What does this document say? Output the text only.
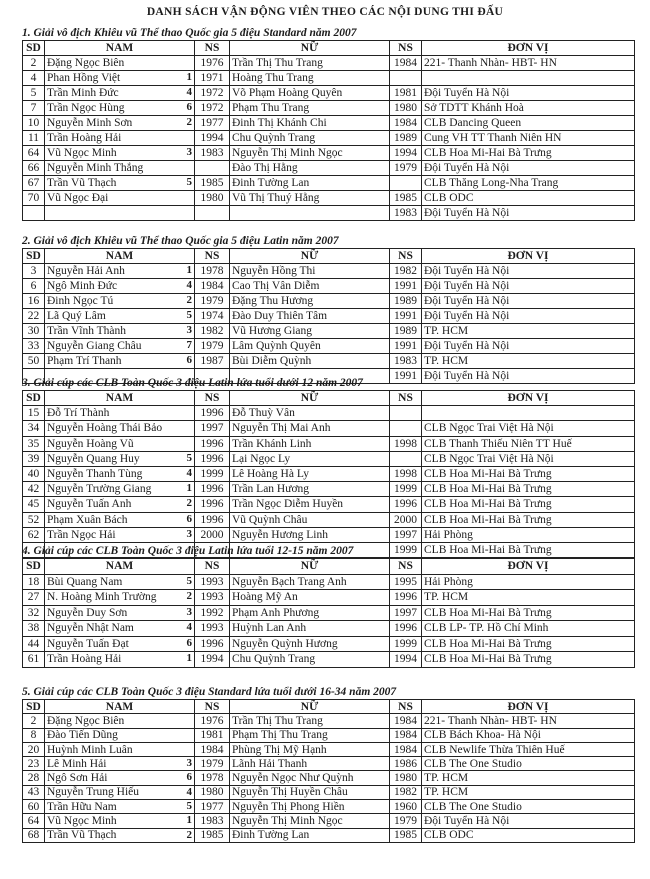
DANH SÁCH VẬN ĐỘNG VIÊN THEO CÁC NỘI DUNG THI ĐẤU
1. Giải vô địch Khiêu vũ Thể thao Quốc gia 5 điệu Standard năm 2007
SD	NAM	NS	NỮ	NS	ĐƠN VỊ
2	Đặng Ngọc Biên	1976	Trần Thị Thu Trang	1984	221- Thanh Nhàn- HBT- HN
4	Phan Hồng Việt 1	1971	Hoàng Thu Trang		
5	Trần Minh Đức 4	1972	Võ Phạm Hoàng Quyên	1981	Đội Tuyển Hà Nội
7	Trần Ngọc Hùng 6	1972	Phạm Thu Trang	1980	Sở TDTT Khánh Hoà
10	Nguyễn Minh Sơn 2	1977	Đinh Thị Khánh Chi	1984	CLB Dancing Queen
11	Trần Hoàng Hải	1994	Chu Quỳnh Trang	1989	Cung VH TT Thanh Niên HN
64	Vũ Ngọc Minh 3	1983	Nguyễn Thị Minh Ngọc	1994	CLB Hoa Mi-Hai Bà Trưng
66	Nguyễn Minh Thắng		Đào Thị Hằng	1979	Đội Tuyển Hà Nội
67	Trần Vũ Thạch 5	1985	Đinh Tường Lan		CLB Thăng Long-Nha Trang
70	Vũ Ngọc Đại	1980	Vũ Thị Thuý Hằng	1985	CLB ODC

			1983	Đội Tuyển Hà Nội
2. Giải vô địch Khiêu vũ Thể thao Quốc gia 5 điệu Latin năm 2007
SD	NAM	NS	NỮ	NS	ĐƠN VỊ
3	Nguyễn Hải Anh 1	1978	Nguyễn Hồng Thi	1982	Đội Tuyển Hà Nội
6	Ngô Minh Đức 4	1984	Cao Thị Vân Diễm	1991	Đội Tuyển Hà Nội
16	Đinh Ngọc Tú 2	1979	Đặng Thu Hương	1989	Đội Tuyển Hà Nội
22	Lã Quý Lâm 5	1974	Đào Duy Thiên Tâm	1991	Đội Tuyển Hà Nội
30	Trần Vĩnh Thành 3	1982	Vũ Hương Giang	1989	TP. HCM
33	Nguyễn Giang Châu 7	1979	Lâm Quỳnh Quyên	1991	Đội Tuyển Hà Nội
50	Phạm Trí Thanh 6	1987	Bùi Diễm Quỳnh	1983	TP. HCM

			1991	Đội Tuyển Hà Nội
3. Giải cúp các CLB Toàn Quốc 3 điệu Latin lứa tuổi dưới 12 năm 2007
SD	NAM	NS	NỮ	NS	ĐƠN VỊ
15	Đỗ Trí Thành	1996	Đỗ Thuỳ Vân		
34	Nguyễn Hoàng Thái Bảo	1997	Nguyễn Thị Mai Anh		CLB Ngọc Trai Việt Hà Nội
35	Nguyễn Hoàng Vũ	1996	Trần Khánh Linh	1998	CLB Thanh Thiếu Niên TT Huế
39	Nguyễn Quang Huy 5	1996	Lại Ngọc Ly		CLB Ngọc Trai Việt Hà Nội
40	Nguyễn Thanh Tùng 4	1999	Lê Hoàng Hà Ly	1998	CLB Hoa Mi-Hai Bà Trưng
42	Nguyễn Trường Giang 1	1996	Trần Lan Hương	1999	CLB Hoa Mi-Hai Bà Trưng
45	Nguyễn Tuấn Anh 2	1996	Trần Ngọc Diễm Huyền	1996	CLB Hoa Mi-Hai Bà Trưng
52	Phạm Xuân Bách 6	1996	Vũ Quỳnh Châu	2000	CLB Hoa Mi-Hai Bà Trưng
62	Trần Ngọc Hải 3	2000	Nguyễn Hương Linh	1997	Hải Phòng

			1999	CLB Hoa Mi-Hai Bà Trưng
4. Giải cúp các CLB Toàn Quốc 3 điệu Latin lứa tuổi 12-15 năm 2007
SD	NAM	NS	NỮ	NS	ĐƠN VỊ
18	Bùi Quang Nam 5	1993	Nguyễn Bạch Trang Anh	1995	Hải Phòng
27	N. Hoàng Minh Trường 2	1993	Hoàng Mỹ An	1996	TP. HCM
32	Nguyễn Duy Sơn 3	1992	Phạm Anh Phương	1997	CLB Hoa Mi-Hai Bà Trưng
38	Nguyễn Nhật Nam 4	1993	Huỳnh Lan Anh	1996	CLB LP- TP. Hồ Chí Minh
44	Nguyễn Tuấn Đạt 6	1996	Nguyễn Quỳnh Hương	1999	CLB Hoa Mi-Hai Bà Trưng
61	Trần Hoàng Hải 1	1994	Chu Quỳnh Trang	1994	CLB Hoa Mi-Hai Bà Trưng
5. Giải cúp các CLB Toàn Quốc 3 điệu Standard lứa tuổi dưới 16-34 năm 2007
SD	NAM	NS	NỮ	NS	ĐƠN VỊ
2	Đặng Ngọc Biên	1976	Trần Thị Thu Trang	1984	221- Thanh Nhàn- HBT- HN
8	Đào Tiến Dũng	1981	Phạm Thị Thu Trang	1984	CLB Bách Khoa- Hà Nội
20	Huỳnh Minh Luân	1984	Phùng Thị Mỹ Hạnh	1984	CLB Newlife Thừa Thiên Huế
23	Lê Minh Hải 3	1979	Lãnh Hải Thanh	1986	CLB The One Studio
28	Ngô Sơn Hải 6	1978	Nguyễn Ngọc Như Quỳnh	1980	TP. HCM
43	Nguyễn Trung Hiếu 4	1980	Nguyễn Thị Huyền Châu	1982	TP. HCM
60	Trần Hữu Nam 5	1977	Nguyễn Thị Phong Hiền	1960	CLB The One Studio
64	Vũ Ngọc Minh 1	1983	Nguyễn Thị Minh Ngọc	1979	Đội Tuyển Hà Nội
68	Trần Vũ Thạch 2	1985	Đinh Tường Lan	1985	CLB ODC
